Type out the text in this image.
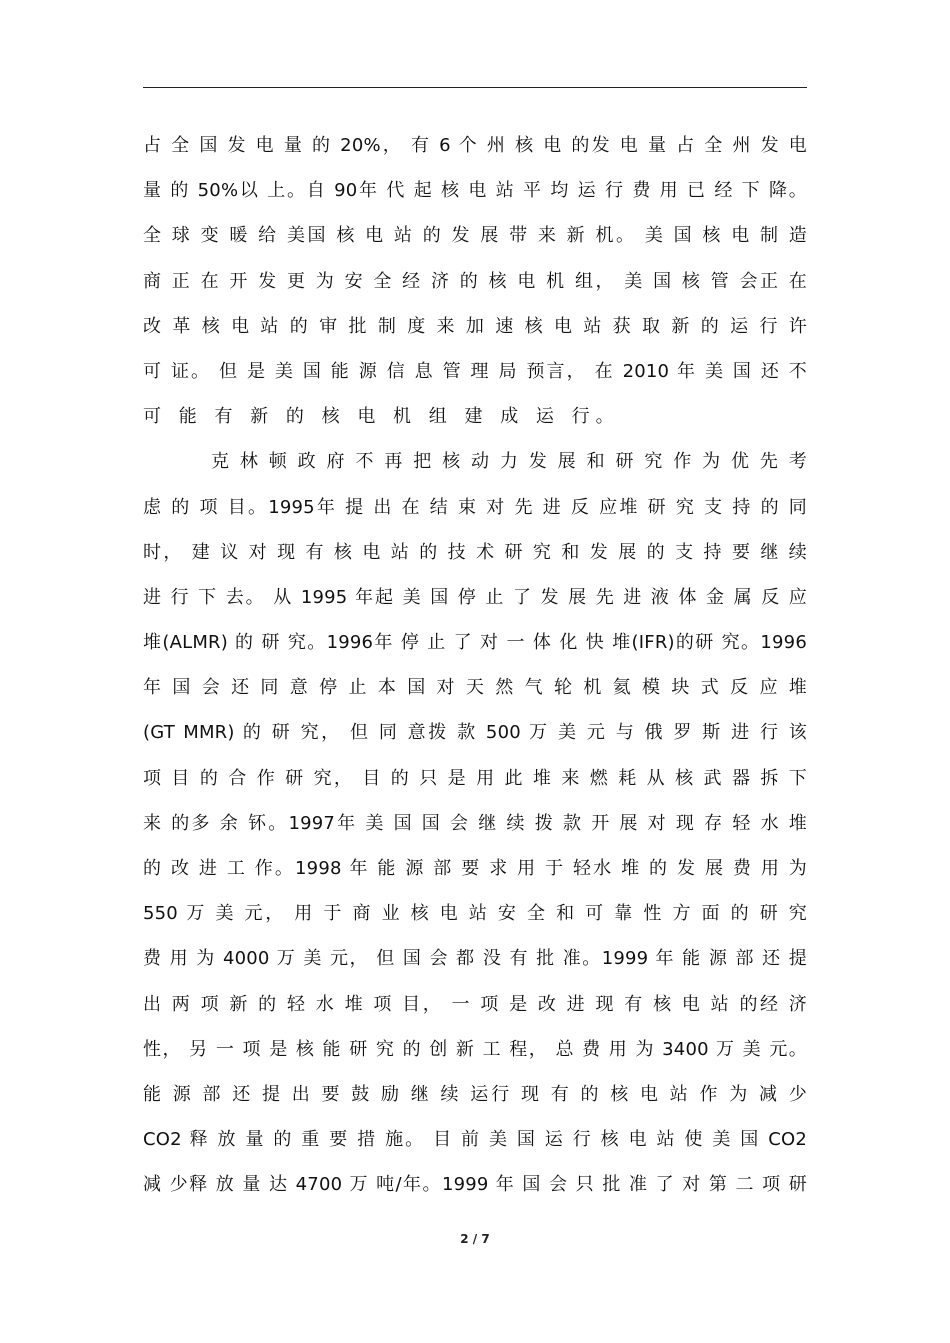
占 全 国 发 电 量 的 20%， 有 6 个 州 核 电 的发 电 量 占 全 州 发 电
量 的 50%以 上。自 90年 代 起 核 电 站 平 均 运 行 费 用 已 经 下 降。
全 球 变 暖 给 美国 核 电 站 的 发 展 带 来 新 机。 美 国 核 电 制 造
商 正 在 开 发 更 为 安 全 经 济 的 核 电 机 组， 美 国 核 管 会正 在
改 革 核 电 站 的 审 批 制 度 来 加 速 核 电 站 获 取 新 的 运 行 许
可 证。 但 是 美 国 能 源 信 息 管 理 局 预言， 在 2010 年 美 国 还 不
可 能 有 新 的 核 电 机 组 建 成 运 行。
克 林 顿 政 府 不 再 把 核 动 力 发 展 和 研 究 作 为 优 先 考
虑 的 项 目。1995年 提 出 在 结 束 对 先 进 反 应堆 研 究 支 持 的 同
时， 建 议 对 现 有 核 电 站 的 技 术 研 究 和 发 展 的 支 持 要 继 续
进 行 下 去。 从 1995 年起 美 国 停 止 了 发 展 先 进 液 体 金 属 反 应
堆(ALMR) 的 研 究。1996年 停 止 了 对 一 体 化 快 堆(IFR)的研 究。1996
年 国 会 还 同 意 停 止 本 国 对 天 然 气 轮 机 氦 模 块 式 反 应 堆
(GT MMR) 的 研 究， 但 同 意拨 款 500 万 美 元 与 俄 罗 斯 进 行 该
项 目 的 合 作 研 究， 目 的 只 是 用 此 堆 来 燃 耗 从 核 武 器 拆 下
来 的多 余 钚。1997年 美 国 国 会 继 续 拨 款 开 展 对 现 存 轻 水 堆
的 改 进 工 作。1998 年 能 源 部 要 求 用 于 轻水 堆 的 发 展 费 用 为
550 万 美 元， 用 于 商 业 核 电 站 安 全 和 可 靠 性 方 面 的 研 究
费 用 为 4000 万 美 元， 但 国 会 都 没 有 批 准。1999 年 能 源 部 还 提
出 两 项 新 的 轻 水 堆 项 目， 一 项 是 改 进 现 有 核 电 站 的经 济
性， 另 一 项 是 核 能 研 究 的 创 新 工 程， 总 费 用 为 3400 万 美 元。
能 源 部 还 提 出 要 鼓 励 继 续 运行 现 有 的 核 电 站 作 为 减 少
CO2 释 放 量 的 重 要 措 施。 目 前 美 国 运 行 核 电 站 使 美 国 CO2
减 少释 放 量 达 4700 万 吨/年。1999 年 国 会 只 批 准 了 对 第 二 项 研
2 / 7
